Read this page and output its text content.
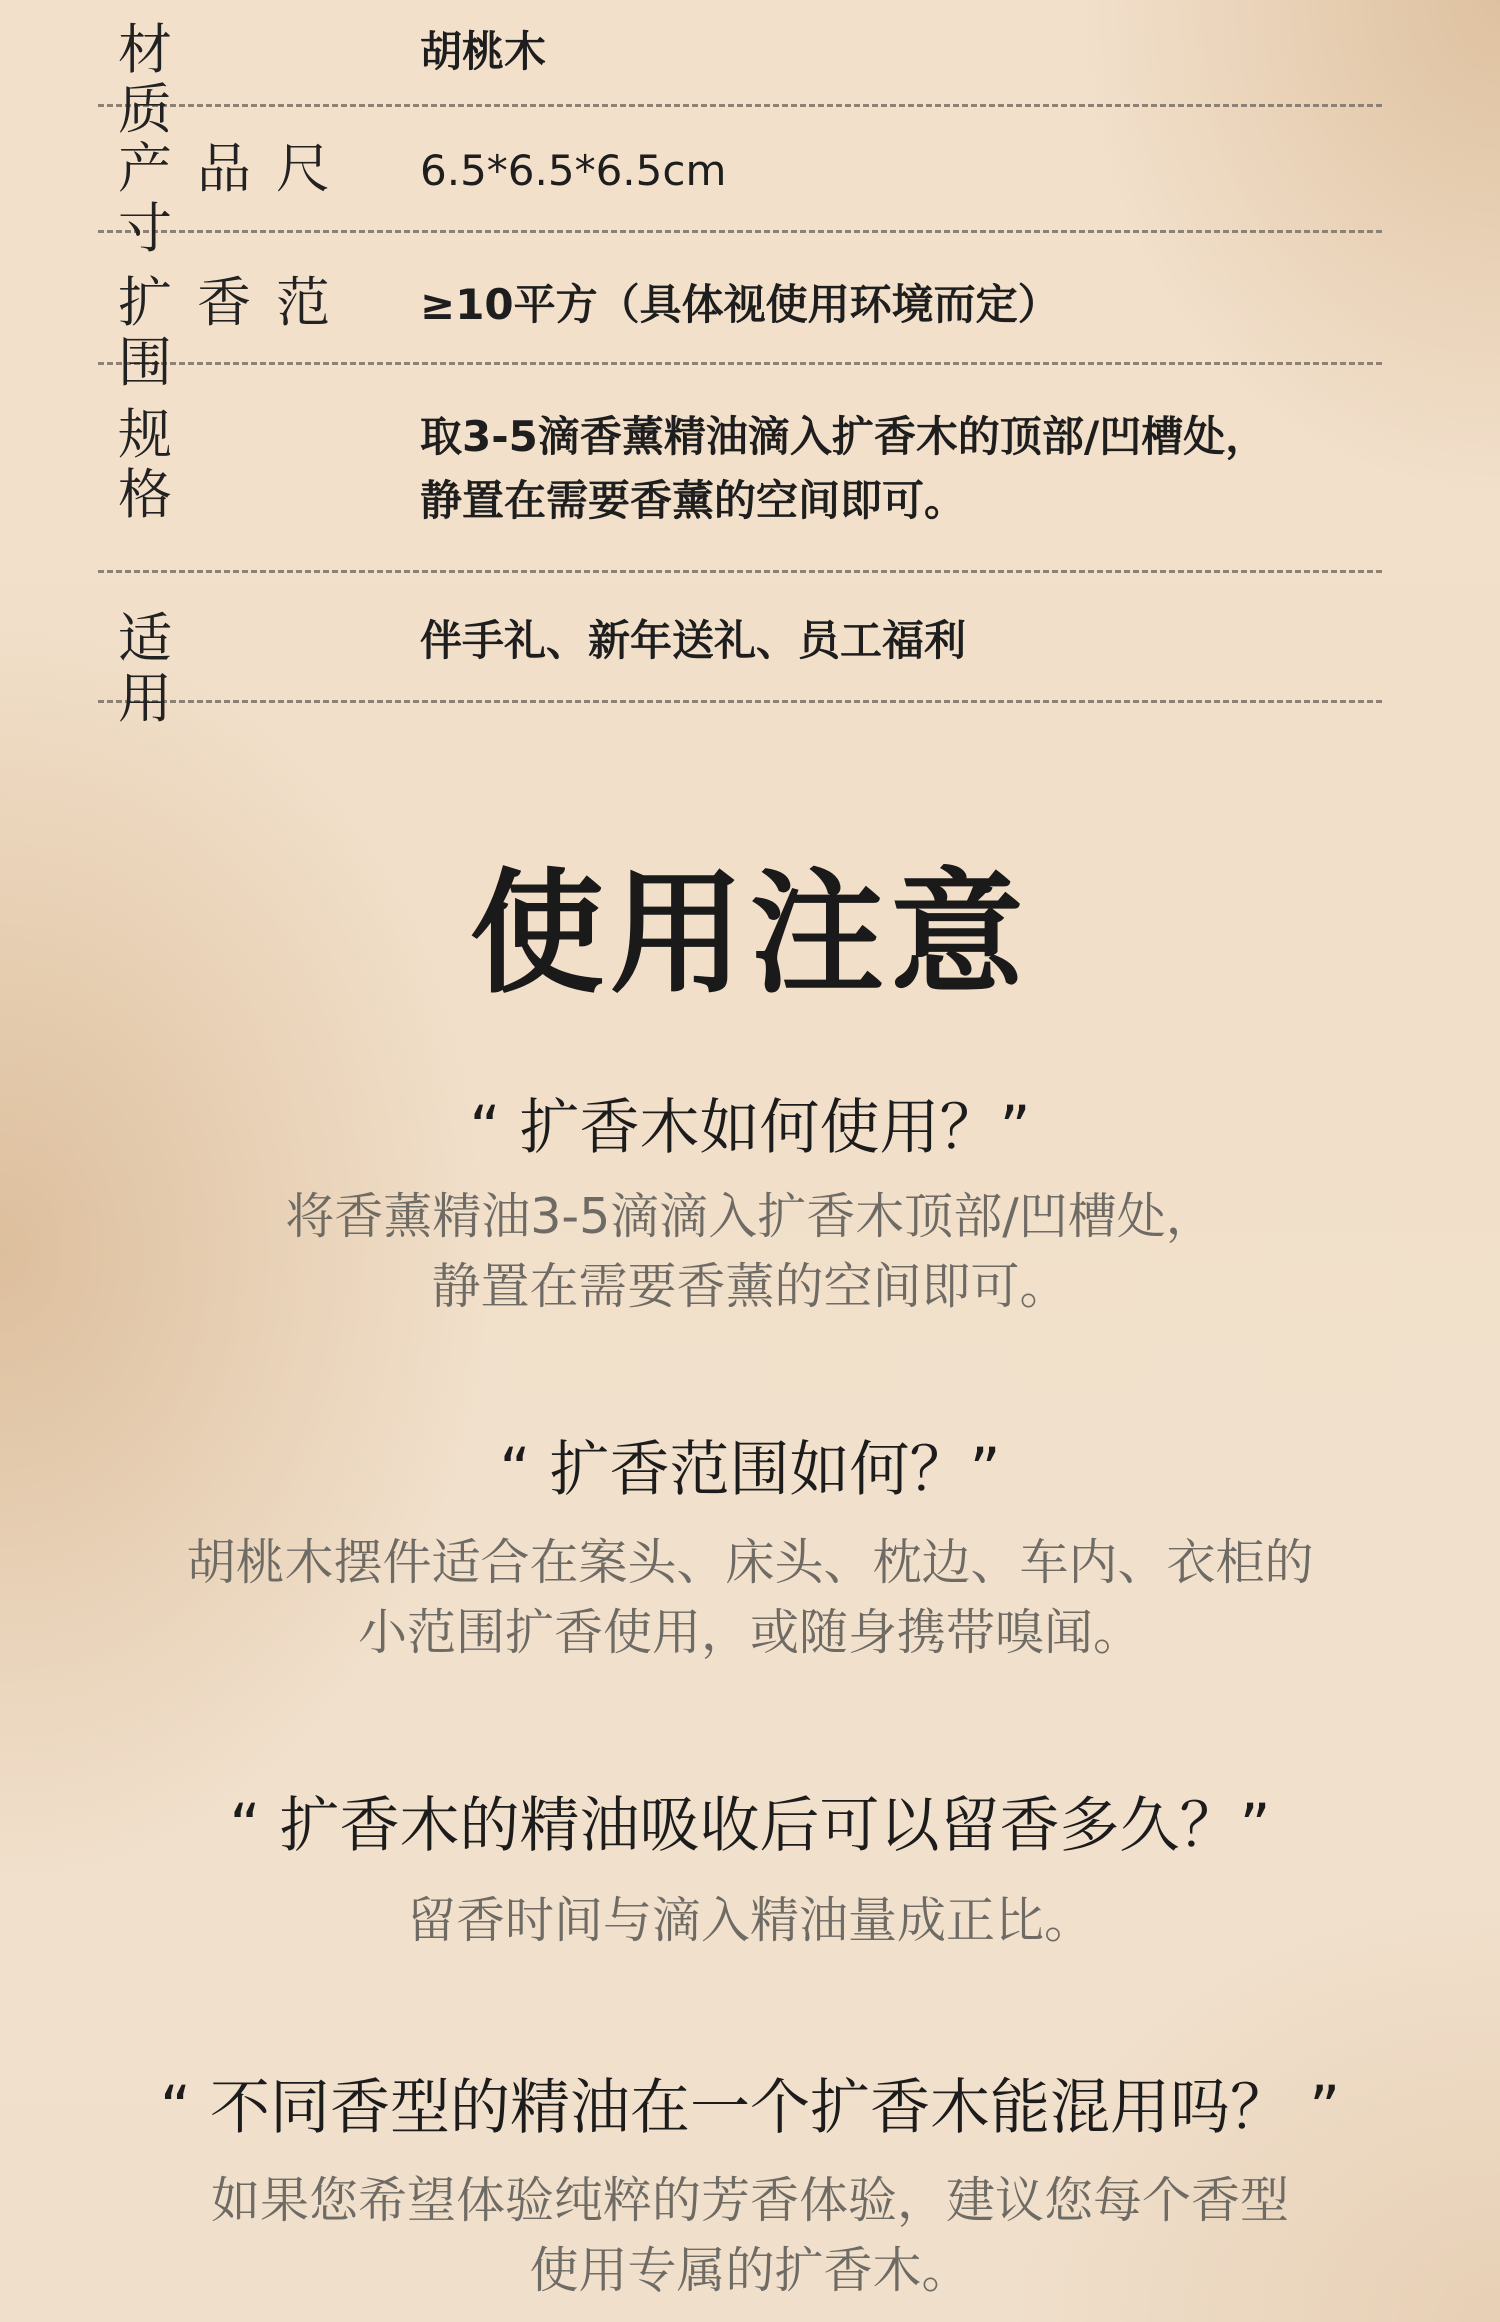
材　　质
胡桃木
产品尺寸
6.5*6.5*6.5cm
扩香范围
≥10平方（具体视使用环境而定）
规　　格
取3-5滴香薰精油滴入扩香木的顶部/凹槽处，
静置在需要香薰的空间即可。
适　　用
伴手礼、新年送礼、员工福利
使用注意
“ 扩香木如何使用？”
将香薰精油3-5滴滴入扩香木顶部/凹槽处，
静置在需要香薰的空间即可。
“ 扩香范围如何？”
胡桃木摆件适合在案头、床头、枕边、车内、衣柜的
小范围扩香使用，或随身携带嗅闻。
“ 扩香木的精油吸收后可以留香多久？”
留香时间与滴入精油量成正比。
“ 不同香型的精油在一个扩香木能混用吗？ ”
如果您希望体验纯粹的芳香体验，建议您每个香型
使用专属的扩香木。
